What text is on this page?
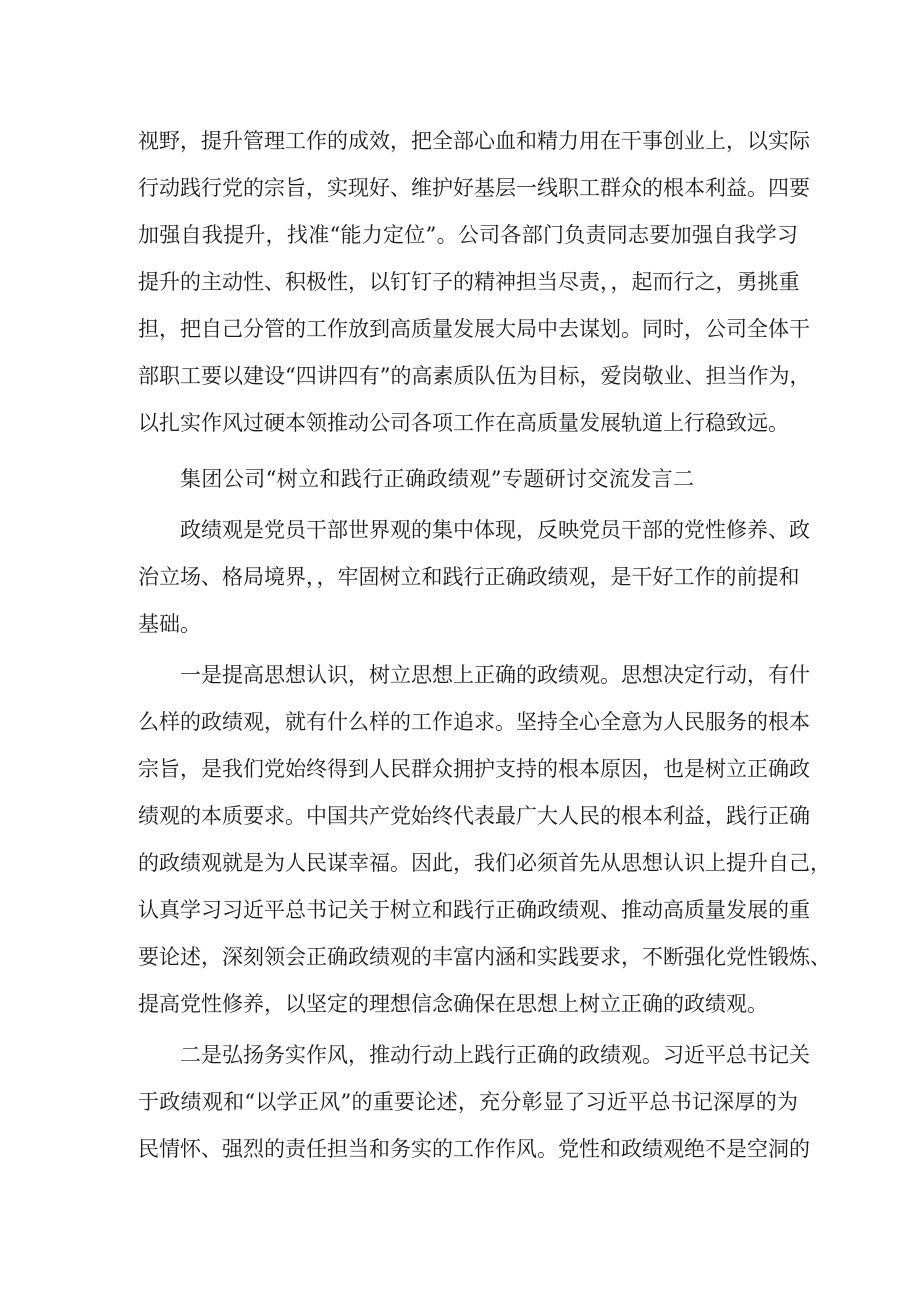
视野，提升管理工作的成效，把全部心血和精力用在干事创业上，以实际
行动践行党的宗旨，实现好、维护好基层一线职工群众的根本利益。四要
加强自我提升，找准“能力定位”。公司各部门负责同志要加强自我学习
提升的主动性、积极性，以钉钉子的精神担当尽责，，起而行之，勇挑重
担，把自己分管的工作放到高质量发展大局中去谋划。同时，公司全体干
部职工要以建设“四讲四有”的高素质队伍为目标，爱岗敬业、担当作为，
以扎实作风过硬本领推动公司各项工作在高质量发展轨道上行稳致远。
集团公司“树立和践行正确政绩观”专题研讨交流发言二
政绩观是党员干部世界观的集中体现，反映党员干部的党性修养、政
治立场、格局境界，，牢固树立和践行正确政绩观，是干好工作的前提和
基础。
一是提高思想认识，树立思想上正确的政绩观。思想决定行动，有什
么样的政绩观，就有什么样的工作追求。坚持全心全意为人民服务的根本
宗旨，是我们党始终得到人民群众拥护支持的根本原因，也是树立正确政
绩观的本质要求。中国共产党始终代表最广大人民的根本利益，践行正确
的政绩观就是为人民谋幸福。因此，我们必须首先从思想认识上提升自己，
认真学习习近平总书记关于树立和践行正确政绩观、推动高质量发展的重
要论述，深刻领会正确政绩观的丰富内涵和实践要求，不断强化党性锻炼、
提高党性修养，以坚定的理想信念确保在思想上树立正确的政绩观。
二是弘扬务实作风，推动行动上践行正确的政绩观。习近平总书记关
于政绩观和“以学正风”的重要论述，充分彰显了习近平总书记深厚的为
民情怀、强烈的责任担当和务实的工作作风。党性和政绩观绝不是空洞的
